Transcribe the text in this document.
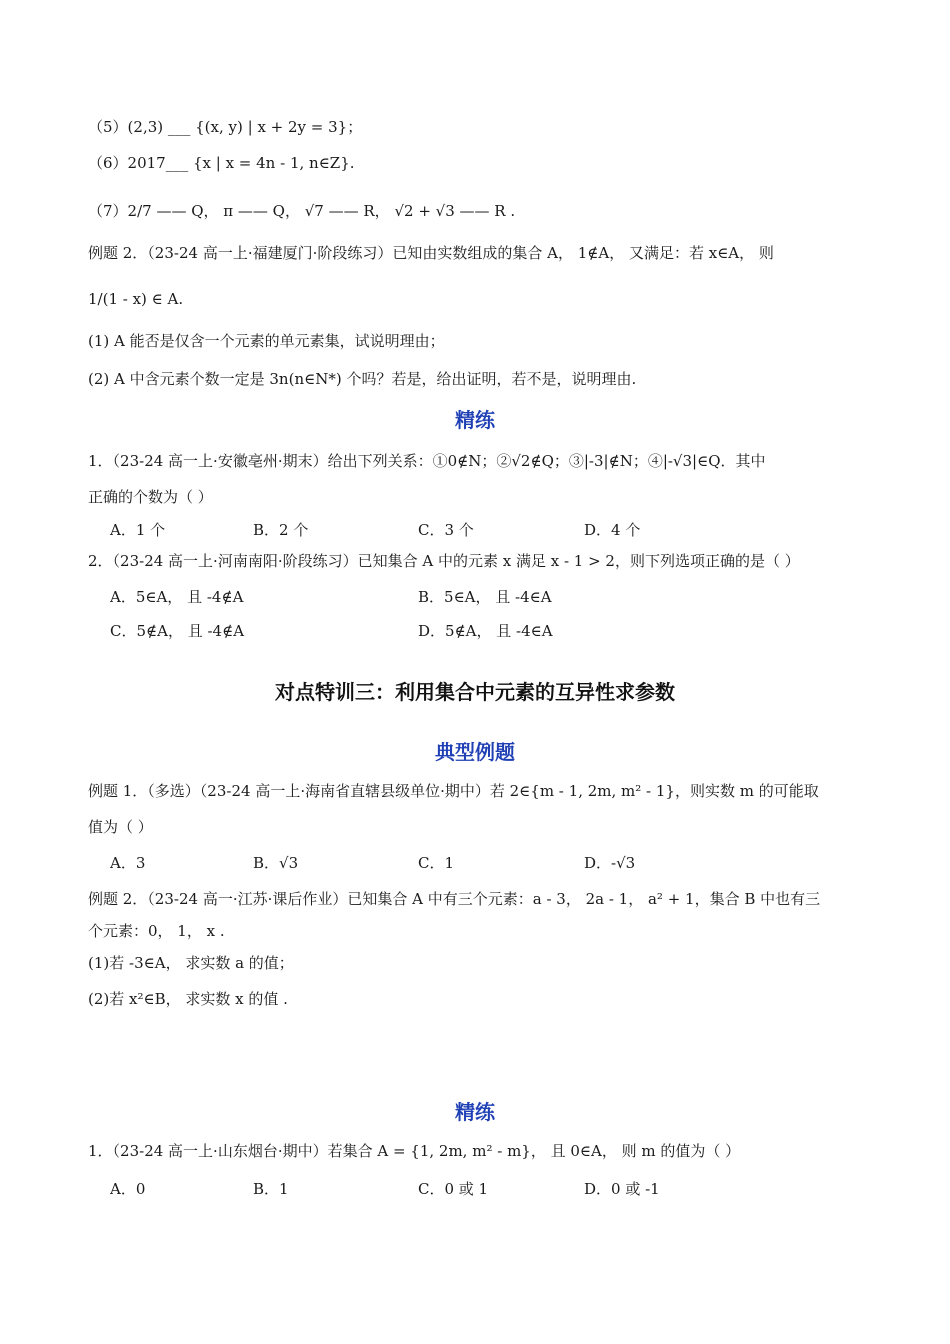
（5）(2,3) ___ {(x, y) | x + 2y = 3}；
（6）2017___ {x | x = 4n - 1, n∈Z}.
（7）2/7 —— Q， π —— Q， √7 —— R， √2 + √3 —— R .
例题 2．（23-24 高一上·福建厦门·阶段练习）已知由实数组成的集合 A， 1∉A， 又满足：若 x∈A， 则
1/(1 - x) ∈ A.
(1) A 能否是仅含一个元素的单元素集，试说明理由；
(2) A 中含元素个数一定是 3n(n∈N*) 个吗？若是，给出证明，若不是，说明理由.
精练
1．（23-24 高一上·安徽亳州·期末）给出下列关系：①0∉N；②√2∉Q；③|-3|∉N；④|-√3|∈Q．其中
正确的个数为（ ）
A．1 个	B．2 个	C．3 个	D．4 个
2．（23-24 高一上·河南南阳·阶段练习）已知集合 A 中的元素 x 满足 x - 1 > 2，则下列选项正确的是（ ）
A．5∈A， 且 -4∉A	B．5∈A， 且 -4∈A
C．5∉A， 且 -4∉A	D．5∉A， 且 -4∈A
对点特训三：利用集合中元素的互异性求参数
典型例题
例题 1．（多选）（23-24 高一上·海南省直辖县级单位·期中）若 2∈{m - 1, 2m, m² - 1}，则实数 m 的可能取
值为（ ）
A．3	B．√3	C．1	D．-√3
例题 2．（23-24 高一·江苏·课后作业）已知集合 A 中有三个元素：a - 3， 2a - 1， a² + 1，集合 B 中也有三
个元素：0， 1， x .
(1)若 -3∈A， 求实数 a 的值；
(2)若 x²∈B， 求实数 x 的值 .
精练
1．（23-24 高一上·山东烟台·期中）若集合 A = {1, 2m, m² - m}， 且 0∈A， 则 m 的值为（ ）
A．0	B．1	C．0 或 1	D．0 或 -1
